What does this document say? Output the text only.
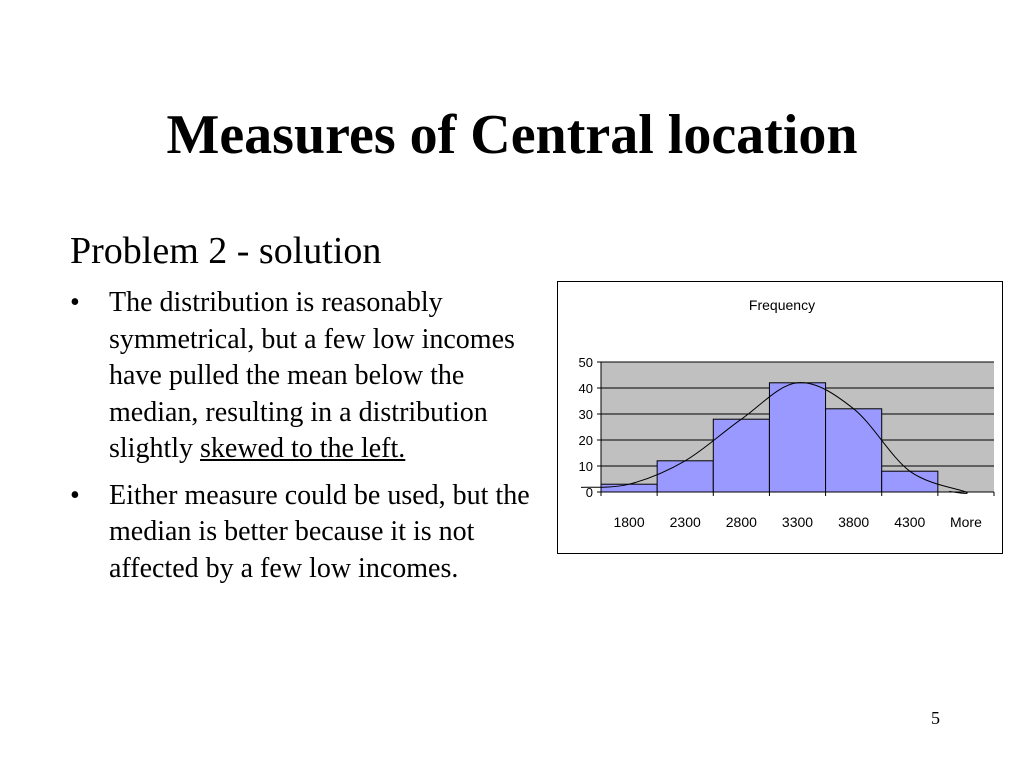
Measures of Central location
Problem 2 - solution
• The distribution is reasonably symmetrical, but a few low incomes have pulled the mean below the median, resulting in a distribution slightly skewed to the left.
• Either measure could be used, but the median is better because it is not affected by a few low incomes.
Frequency
0
10
20
30
40
50
1800 2300 2800 3300 3800 4300 More
5
